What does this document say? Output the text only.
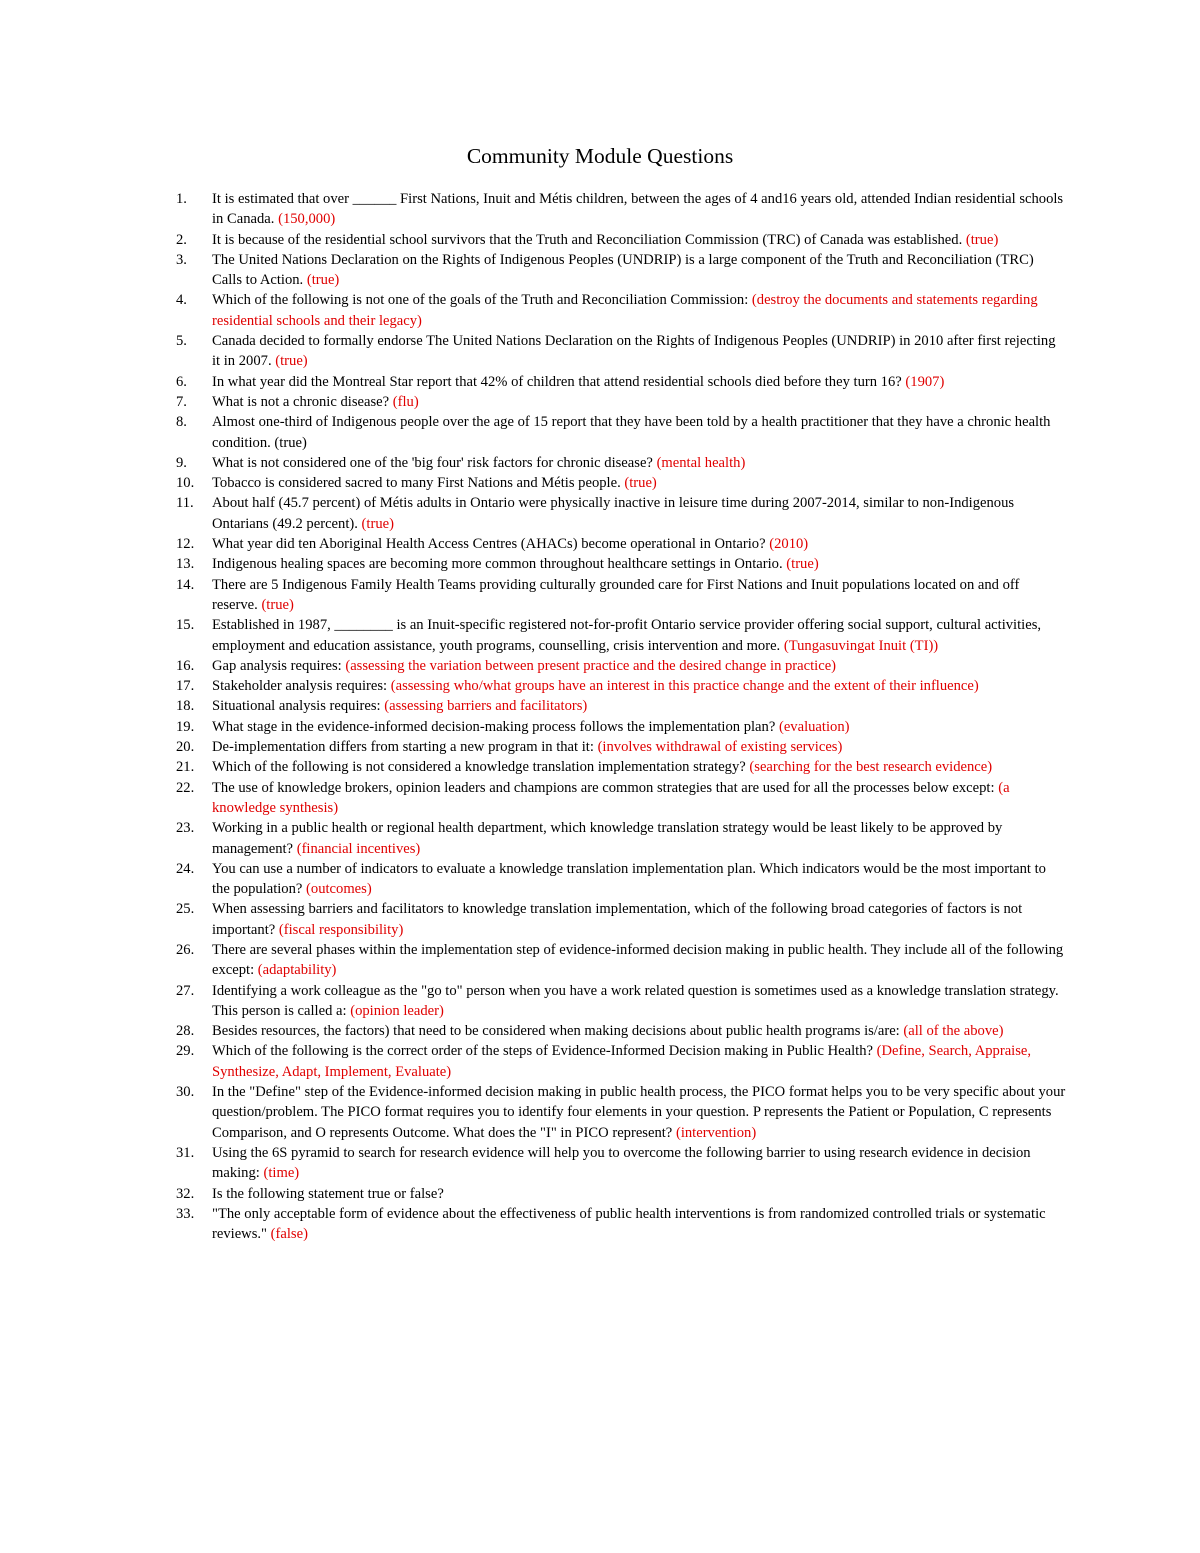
Community Module Questions
1. It is estimated that over ______ First Nations, Inuit and Métis children, between the ages of 4 and16 years old, attended Indian residential schools in Canada. (150,000)
2. It is because of the residential school survivors that the Truth and Reconciliation Commission (TRC) of Canada was established. (true)
3. The United Nations Declaration on the Rights of Indigenous Peoples (UNDRIP) is a large component of the Truth and Reconciliation (TRC) Calls to Action. (true)
4. Which of the following is not one of the goals of the Truth and Reconciliation Commission: (destroy the documents and statements regarding residential schools and their legacy)
5. Canada decided to formally endorse The United Nations Declaration on the Rights of Indigenous Peoples (UNDRIP) in 2010 after first rejecting it in 2007. (true)
6. In what year did the Montreal Star report that 42% of children that attend residential schools died before they turn 16? (1907)
7. What is not a chronic disease? (flu)
8. Almost one-third of Indigenous people over the age of 15 report that they have been told by a health practitioner that they have a chronic health condition. (true)
9. What is not considered one of the 'big four' risk factors for chronic disease? (mental health)
10. Tobacco is considered sacred to many First Nations and Métis people. (true)
11. About half (45.7 percent) of Métis adults in Ontario were physically inactive in leisure time during 2007-2014, similar to non-Indigenous Ontarians (49.2 percent). (true)
12. What year did ten Aboriginal Health Access Centres (AHACs) become operational in Ontario? (2010)
13. Indigenous healing spaces are becoming more common throughout healthcare settings in Ontario. (true)
14. There are 5 Indigenous Family Health Teams providing culturally grounded care for First Nations and Inuit populations located on and off reserve. (true)
15. Established in 1987, ________ is an Inuit-specific registered not-for-profit Ontario service provider offering social support, cultural activities, employment and education assistance, youth programs, counselling, crisis intervention and more. (Tungasuvingat Inuit (TI))
16. Gap analysis requires: (assessing the variation between present practice and the desired change in practice)
17. Stakeholder analysis requires: (assessing who/what groups have an interest in this practice change and the extent of their influence)
18. Situational analysis requires: (assessing barriers and facilitators)
19. What stage in the evidence-informed decision-making process follows the implementation plan? (evaluation)
20. De-implementation differs from starting a new program in that it: (involves withdrawal of existing services)
21. Which of the following is not considered a knowledge translation implementation strategy? (searching for the best research evidence)
22. The use of knowledge brokers, opinion leaders and champions are common strategies that are used for all the processes below except: (a knowledge synthesis)
23. Working in a public health or regional health department, which knowledge translation strategy would be least likely to be approved by management? (financial incentives)
24. You can use a number of indicators to evaluate a knowledge translation implementation plan. Which indicators would be the most important to the population? (outcomes)
25. When assessing barriers and facilitators to knowledge translation implementation, which of the following broad categories of factors is not important? (fiscal responsibility)
26. There are several phases within the implementation step of evidence-informed decision making in public health. They include all of the following except: (adaptability)
27. Identifying a work colleague as the "go to" person when you have a work related question is sometimes used as a knowledge translation strategy. This person is called a: (opinion leader)
28. Besides resources, the factors) that need to be considered when making decisions about public health programs is/are: (all of the above)
29. Which of the following is the correct order of the steps of Evidence-Informed Decision making in Public Health? (Define, Search, Appraise, Synthesize, Adapt, Implement, Evaluate)
30. In the "Define" step of the Evidence-informed decision making in public health process, the PICO format helps you to be very specific about your question/problem. The PICO format requires you to identify four elements in your question. P represents the Patient or Population, C represents Comparison, and O represents Outcome. What does the "I" in PICO represent? (intervention)
31. Using the 6S pyramid to search for research evidence will help you to overcome the following barrier to using research evidence in decision making: (time)
32. Is the following statement true or false?
33. "The only acceptable form of evidence about the effectiveness of public health interventions is from randomized controlled trials or systematic reviews." (false)
